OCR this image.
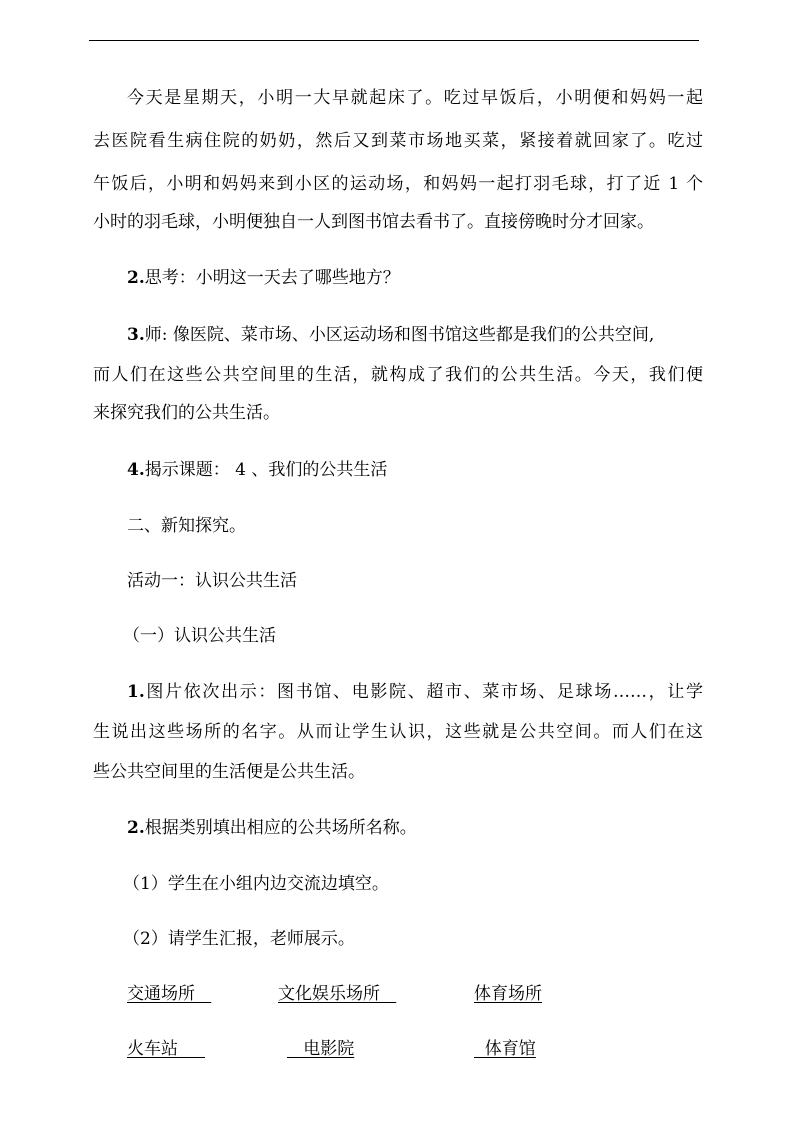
今天是星期天，小明一大早就起床了。吃过早饭后，小明便和妈妈一起
去医院看生病住院的奶奶，然后又到菜市场地买菜，紧接着就回家了。吃过
午饭后，小明和妈妈来到小区的运动场，和妈妈一起打羽毛球，打了近 1 个
小时的羽毛球，小明便独自一人到图书馆去看书了。直接傍晚时分才回家。
2.思考：小明这一天去了哪些地方？
3.师: 像医院、菜市场、小区运动场和图书馆这些都是我们的公共空间,
而人们在这些公共空间里的生活，就构成了我们的公共生活。今天，我们便
来探究我们的公共生活。
4.揭示课题： 4 、我们的公共生活
二、新知探究。
活动一：认识公共生活
（一）认识公共生活
1.图片依次出示：图书馆、电影院、超市、菜市场、足球场……，让学
生说出这些场所的名字。从而让学生认识，这些就是公共空间。而人们在这
些公共空间里的生活便是公共生活。
2.根据类别填出相应的公共场所名称。
（1）学生在小组内边交流边填空。
（2）请学生汇报，老师展示。
交通场所	文化娱乐场所	体育场所
火车站	电影院	体育馆
